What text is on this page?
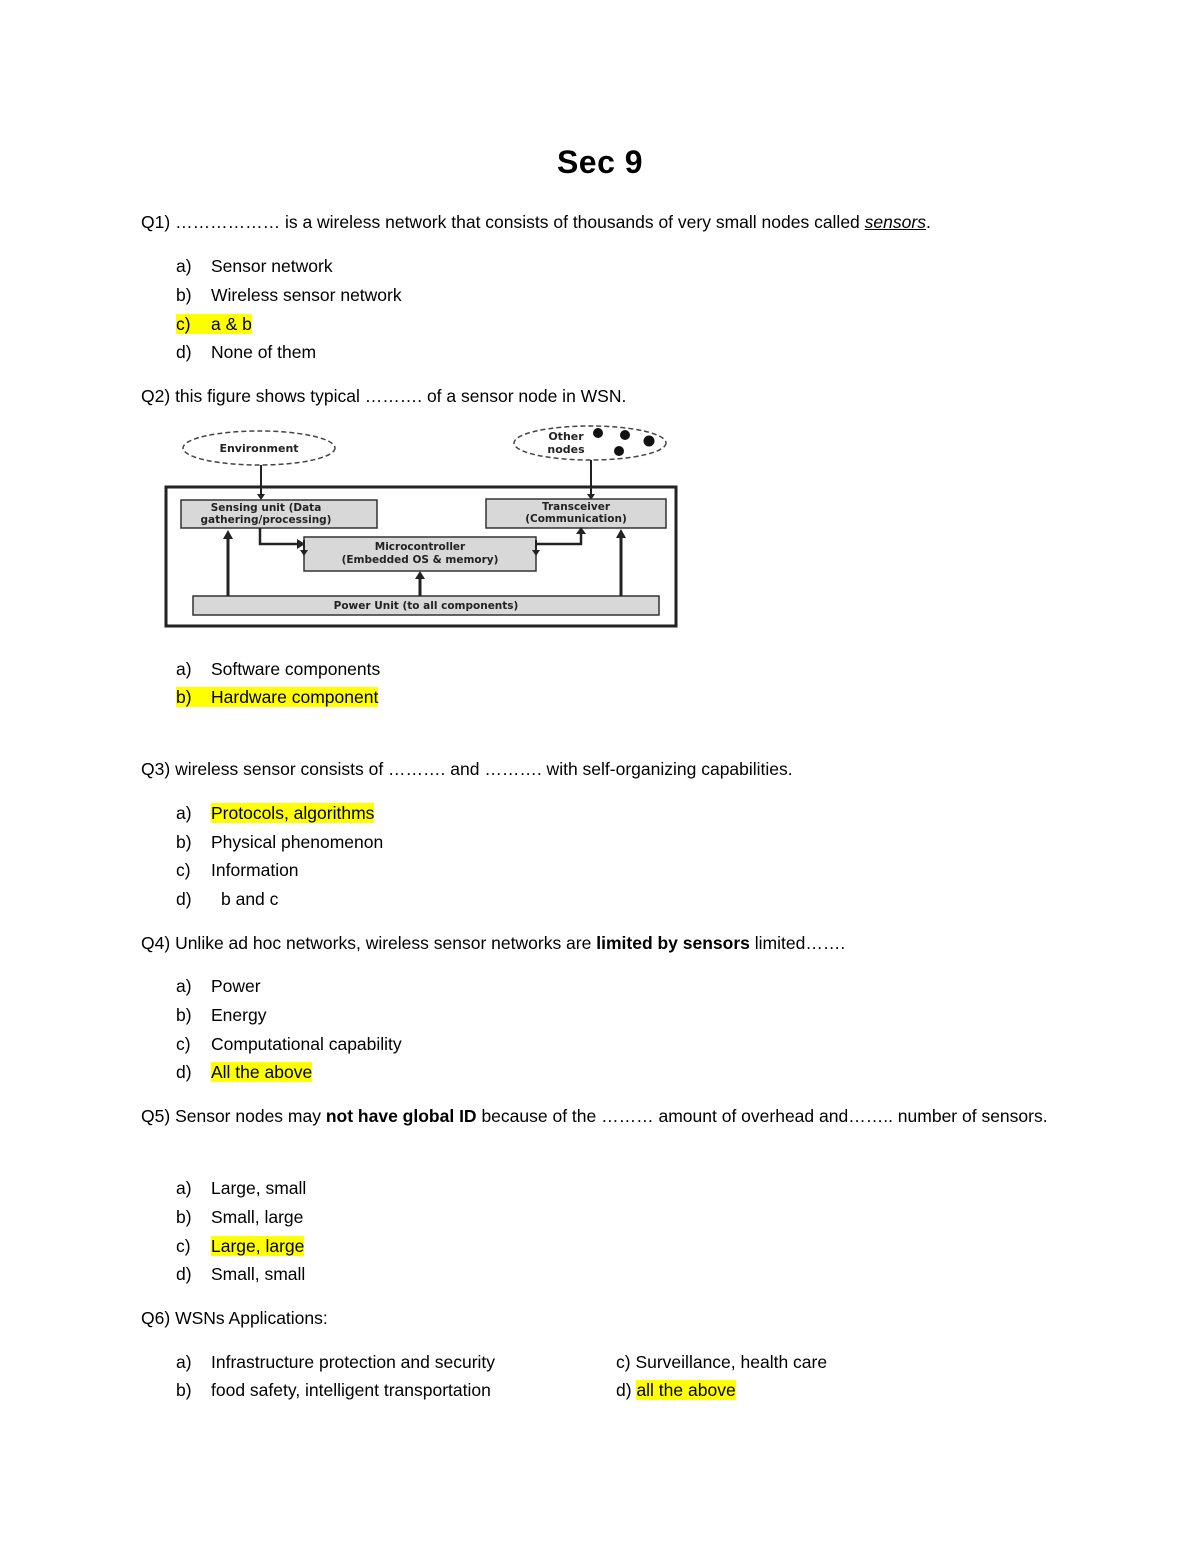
Sec 9
Q1) ……………… is a wireless network that consists of thousands of very small nodes called sensors.
a) Sensor network
b) Wireless sensor network
c) a & b
d) None of them
Q2) this figure shows typical ………. of a sensor node in WSN.
Environment
Other
nodes
Sensing unit (Data
gathering/processing)
Transceiver
(Communication)
Microcontroller
(Embedded OS & memory)
Power Unit (to all components)
a) Software components
b) Hardware component
Q3) wireless sensor consists of ………. and ………. with self-organizing capabilities.
a) Protocols, algorithms
b) Physical phenomenon
c) Information
d) b and c
Q4) Unlike ad hoc networks, wireless sensor networks are limited by sensors limited…….
a) Power
b) Energy
c) Computational capability
d) All the above
Q5) Sensor nodes may not have global ID because of the ……… amount of overhead and…….. number of sensors.
a) Large, small
b) Small, large
c) Large, large
d) Small, small
Q6) WSNs Applications:
a) Infrastructure protection and security
b) food safety, intelligent transportation
c) Surveillance, health care
d) all the above
